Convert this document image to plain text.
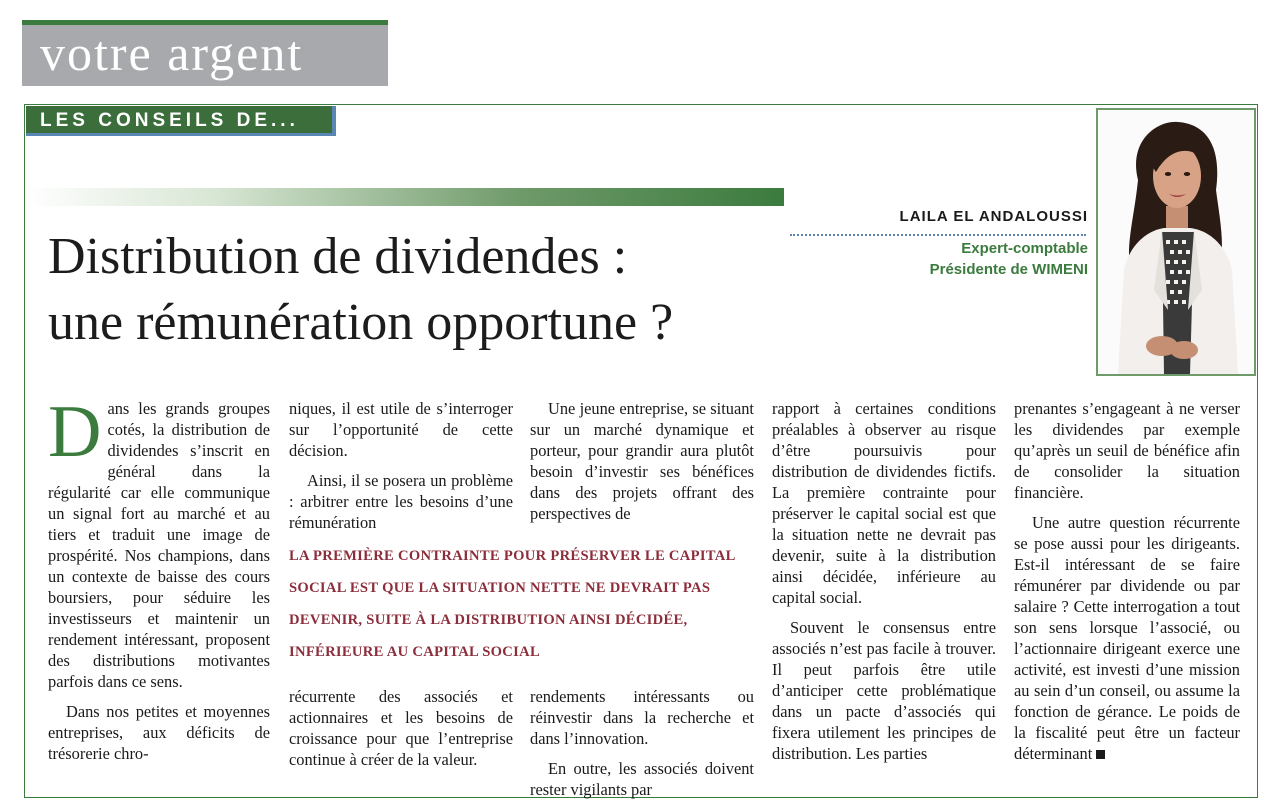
votre argent
LES CONSEILS DE...
Distribution de dividendes :
une rémunération opportune ?
LAILA EL ANDALOUSSI
Expert-comptable
Présidente de WIMENI

Dans les grands groupes cotés, la distribution de dividendes s’inscrit en général dans la régularité car elle communique un signal fort au marché et au tiers et traduit une image de prospérité. Nos champions, dans un contexte de baisse des cours boursiers, pour séduire les investisseurs et maintenir un rendement intéressant, proposent des distributions motivantes parfois dans ce sens.

Dans nos petites et moyennes entreprises, aux déficits de trésorerie chro-

niques, il est utile de s’interroger sur l’opportunité de cette décision.

Ainsi, il se posera un problème : arbitrer entre les besoins d’une rémunération

Une jeune entreprise, se situant sur un marché dynamique et porteur, pour grandir aura plutôt besoin d’investir ses bénéfices dans des projets offrant des perspectives de

LA PREMIÈRE CONTRAINTE POUR PRÉSERVER LE CAPITAL SOCIAL EST QUE LA SITUATION NETTE NE DEVRAIT PAS DEVENIR, SUITE À LA DISTRIBUTION AINSI DÉCIDÉE, INFÉRIEURE AU CAPITAL SOCIAL

récurrente des associés et actionnaires et les besoins de croissance pour que l’entreprise continue à créer de la valeur.

rendements intéressants ou réinvestir dans la recherche et dans l’innovation.

En outre, les associés doivent rester vigilants par

rapport à certaines conditions préalables à observer au risque d’être poursuivis pour distribution de dividendes fictifs. La première contrainte pour préserver le capital social est que la situation nette ne devrait pas devenir, suite à la distribution ainsi décidée, inférieure au capital social.

Souvent le consensus entre associés n’est pas facile à trouver. Il peut parfois être utile d’anticiper cette problématique dans un pacte d’associés qui fixera utilement les principes de distribution. Les parties

prenantes s’engageant à ne verser les dividendes par exemple qu’après un seuil de bénéfice afin de consolider la situation financière.

Une autre question récurrente se pose aussi pour les dirigeants. Est-il intéressant de se faire rémunérer par dividende ou par salaire ? Cette interrogation a tout son sens lorsque l’associé, ou l’actionnaire dirigeant exerce une activité, est investi d’une mission au sein d’un conseil, ou assume la fonction de gérance. Le poids de la fiscalité peut être un facteur déterminant
